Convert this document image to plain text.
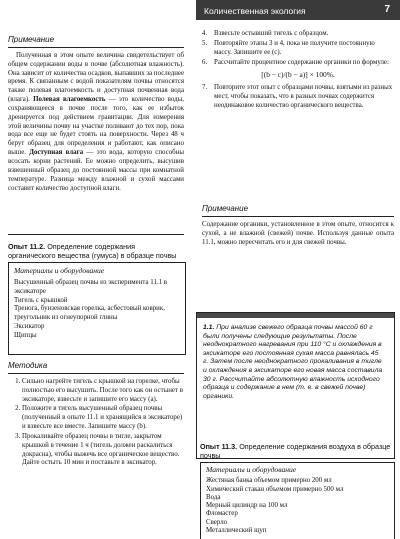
Количественная экология	7
Примечание

Полученная в этом опыте величина свидетельствует об общем содержании воды в почве (абсолютная влажность). Она зависит от количества осадков, выпавших за последнее время. К связанным с водой показателям почвы относятся также полевая влагоемкость и доступная почвенная вода (влага). Полевая влагоемкость — это количество воды, сохраняющееся в почве после того, как ее избыток дренируется под действием гравитации. Для измерения этой величины почву на участке поливают до тех пор, пока вода все еще не будет стоять на поверхности. Через 48 ч берут образец для определения и работают, как описано выше. Доступная влага — это вода, которую способны всосать корни растений. Ее можно определить, высушив взвешенный образец до постоянной массы при комнатной температуре. Разница между влажной и сухой массами составит количество доступной влаги.

Опыт 11.2. Определение содержания органического вещества (гумуса) в образце почвы
Материалы и оборудование
Высушенный образец почвы из эксперимента 11.1 в эксикаторе
Тигель с крышкой
Тренога, бунзеновская горелка, асбестовый коврик, треугольник из огнеупорной глины
Эксикатор
Щипцы
Методика
1. Сильно нагрейте тигель с крышкой на горелке, чтобы полностью его высушить. После того как он остынет в эксикаторе, взвесьте и запишите его массу (a).
2. Положите в тигель высушенный образец почвы (полученный в опыте 11.1 и хранящийся в эксикаторе) и взвесьте все вместе. Запишите массу (b).
3. Прокаливайте образец почвы в тигле, закрытом крышкой в течение 1 ч (тигель должен раскалиться докрасна), чтобы выжечь все органическое вещество. Дайте остыть 10 мин и поставьте в эксикатор.
4. Взвесьте остывший тигель с образцом.
5. Повторяйте этапы 3 и 4, пока не получите постоянную массу. Запишите ее (c).
6. Рассчитайте процентное содержание органики по формуле:
[(b − c)/(b − a)] × 100%.
7. Повторите этот опыт с образцами почвы, взятыми из разных мест, чтобы показать, что в разных почвах содержится неодинаковое количество органического вещества.
Примечание

Содержание органики, установленное в этом опыте, относится к сухой, а не влажной (свежей) почве. Используя данные опыта 11.1, можно пересчитать его и для свежей почвы.

1.1. При анализе свежего образца почвы массой 60 г были получены следующие результаты. После неоднократного нагревания при 110 °С и охлаждения в эксикаторе его постоянная сухая масса равнялась 45 г. Затем после неоднократного прокаливания в тигле и охлаждения в эксикаторе его новая масса составила 30 г. Рассчитайте абсолютную влажность исходного образца и содержание в нем (т. е. в свежей почве) органики.
Опыт 11.3. Определение содержания воздуха в образце почвы
Материалы и оборудование
Жестяная банка объемом примерно 200 мл
Химический стакан объемом примерно 500 мл
Вода
Мерный цилиндр на 100 мл
Фломастер
Сверло
Металлический щуп
